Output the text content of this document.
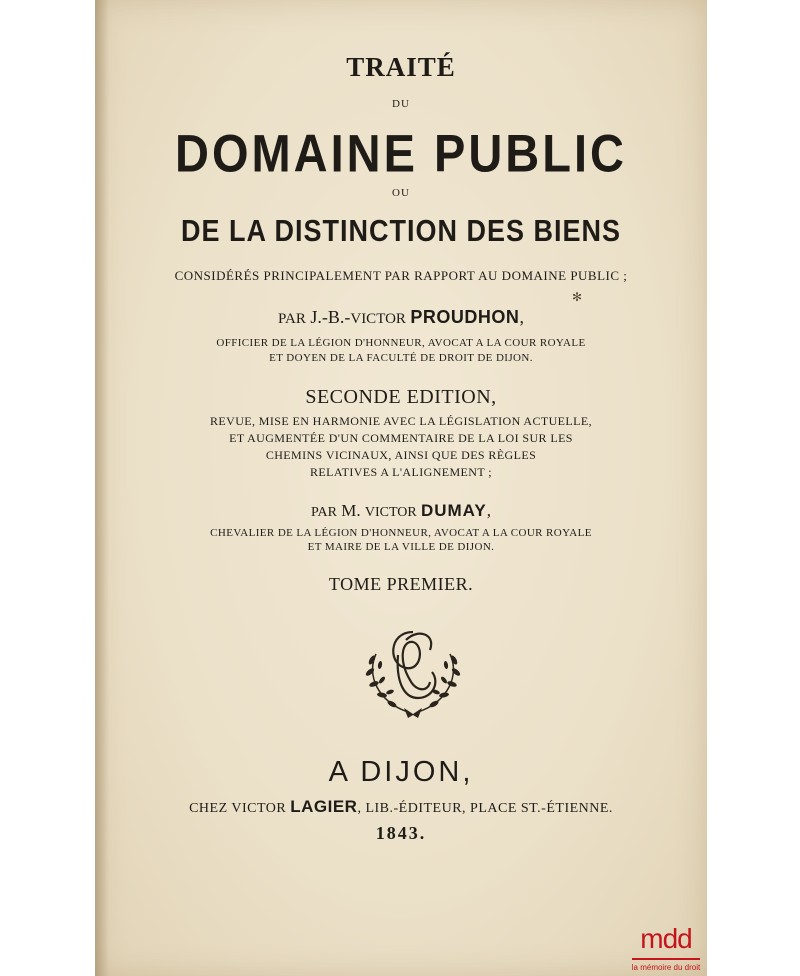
TRAITÉ

DU

DOMAINE PUBLIC

OU

DE LA DISTINCTION DES BIENS

CONSIDÉRÉS PRINCIPALEMENT PAR RAPPORT AU DOMAINE PUBLIC ;

✻

PAR J.-B.-VICTOR PROUDHON,

OFFICIER DE LA LÉGION D'HONNEUR, AVOCAT A LA COUR ROYALE

ET DOYEN DE LA FACULTÉ DE DROIT DE DIJON.

SECONDE EDITION,

REVUE, MISE EN HARMONIE AVEC LA LÉGISLATION ACTUELLE,

ET AUGMENTÉE D'UN COMMENTAIRE DE LA LOI SUR LES

CHEMINS VICINAUX, AINSI QUE DES RÈGLES

RELATIVES A L'ALIGNEMENT ;

PAR M. VICTOR DUMAY,

CHEVALIER DE LA LÉGION D'HONNEUR, AVOCAT A LA COUR ROYALE

ET MAIRE DE LA VILLE DE DIJON.

TOME PREMIER.

A DIJON,

CHEZ VICTOR LAGIER, LIB.-ÉDITEUR, PLACE ST.-ÉTIENNE.

1843.

mdd
la mémoire du droit
